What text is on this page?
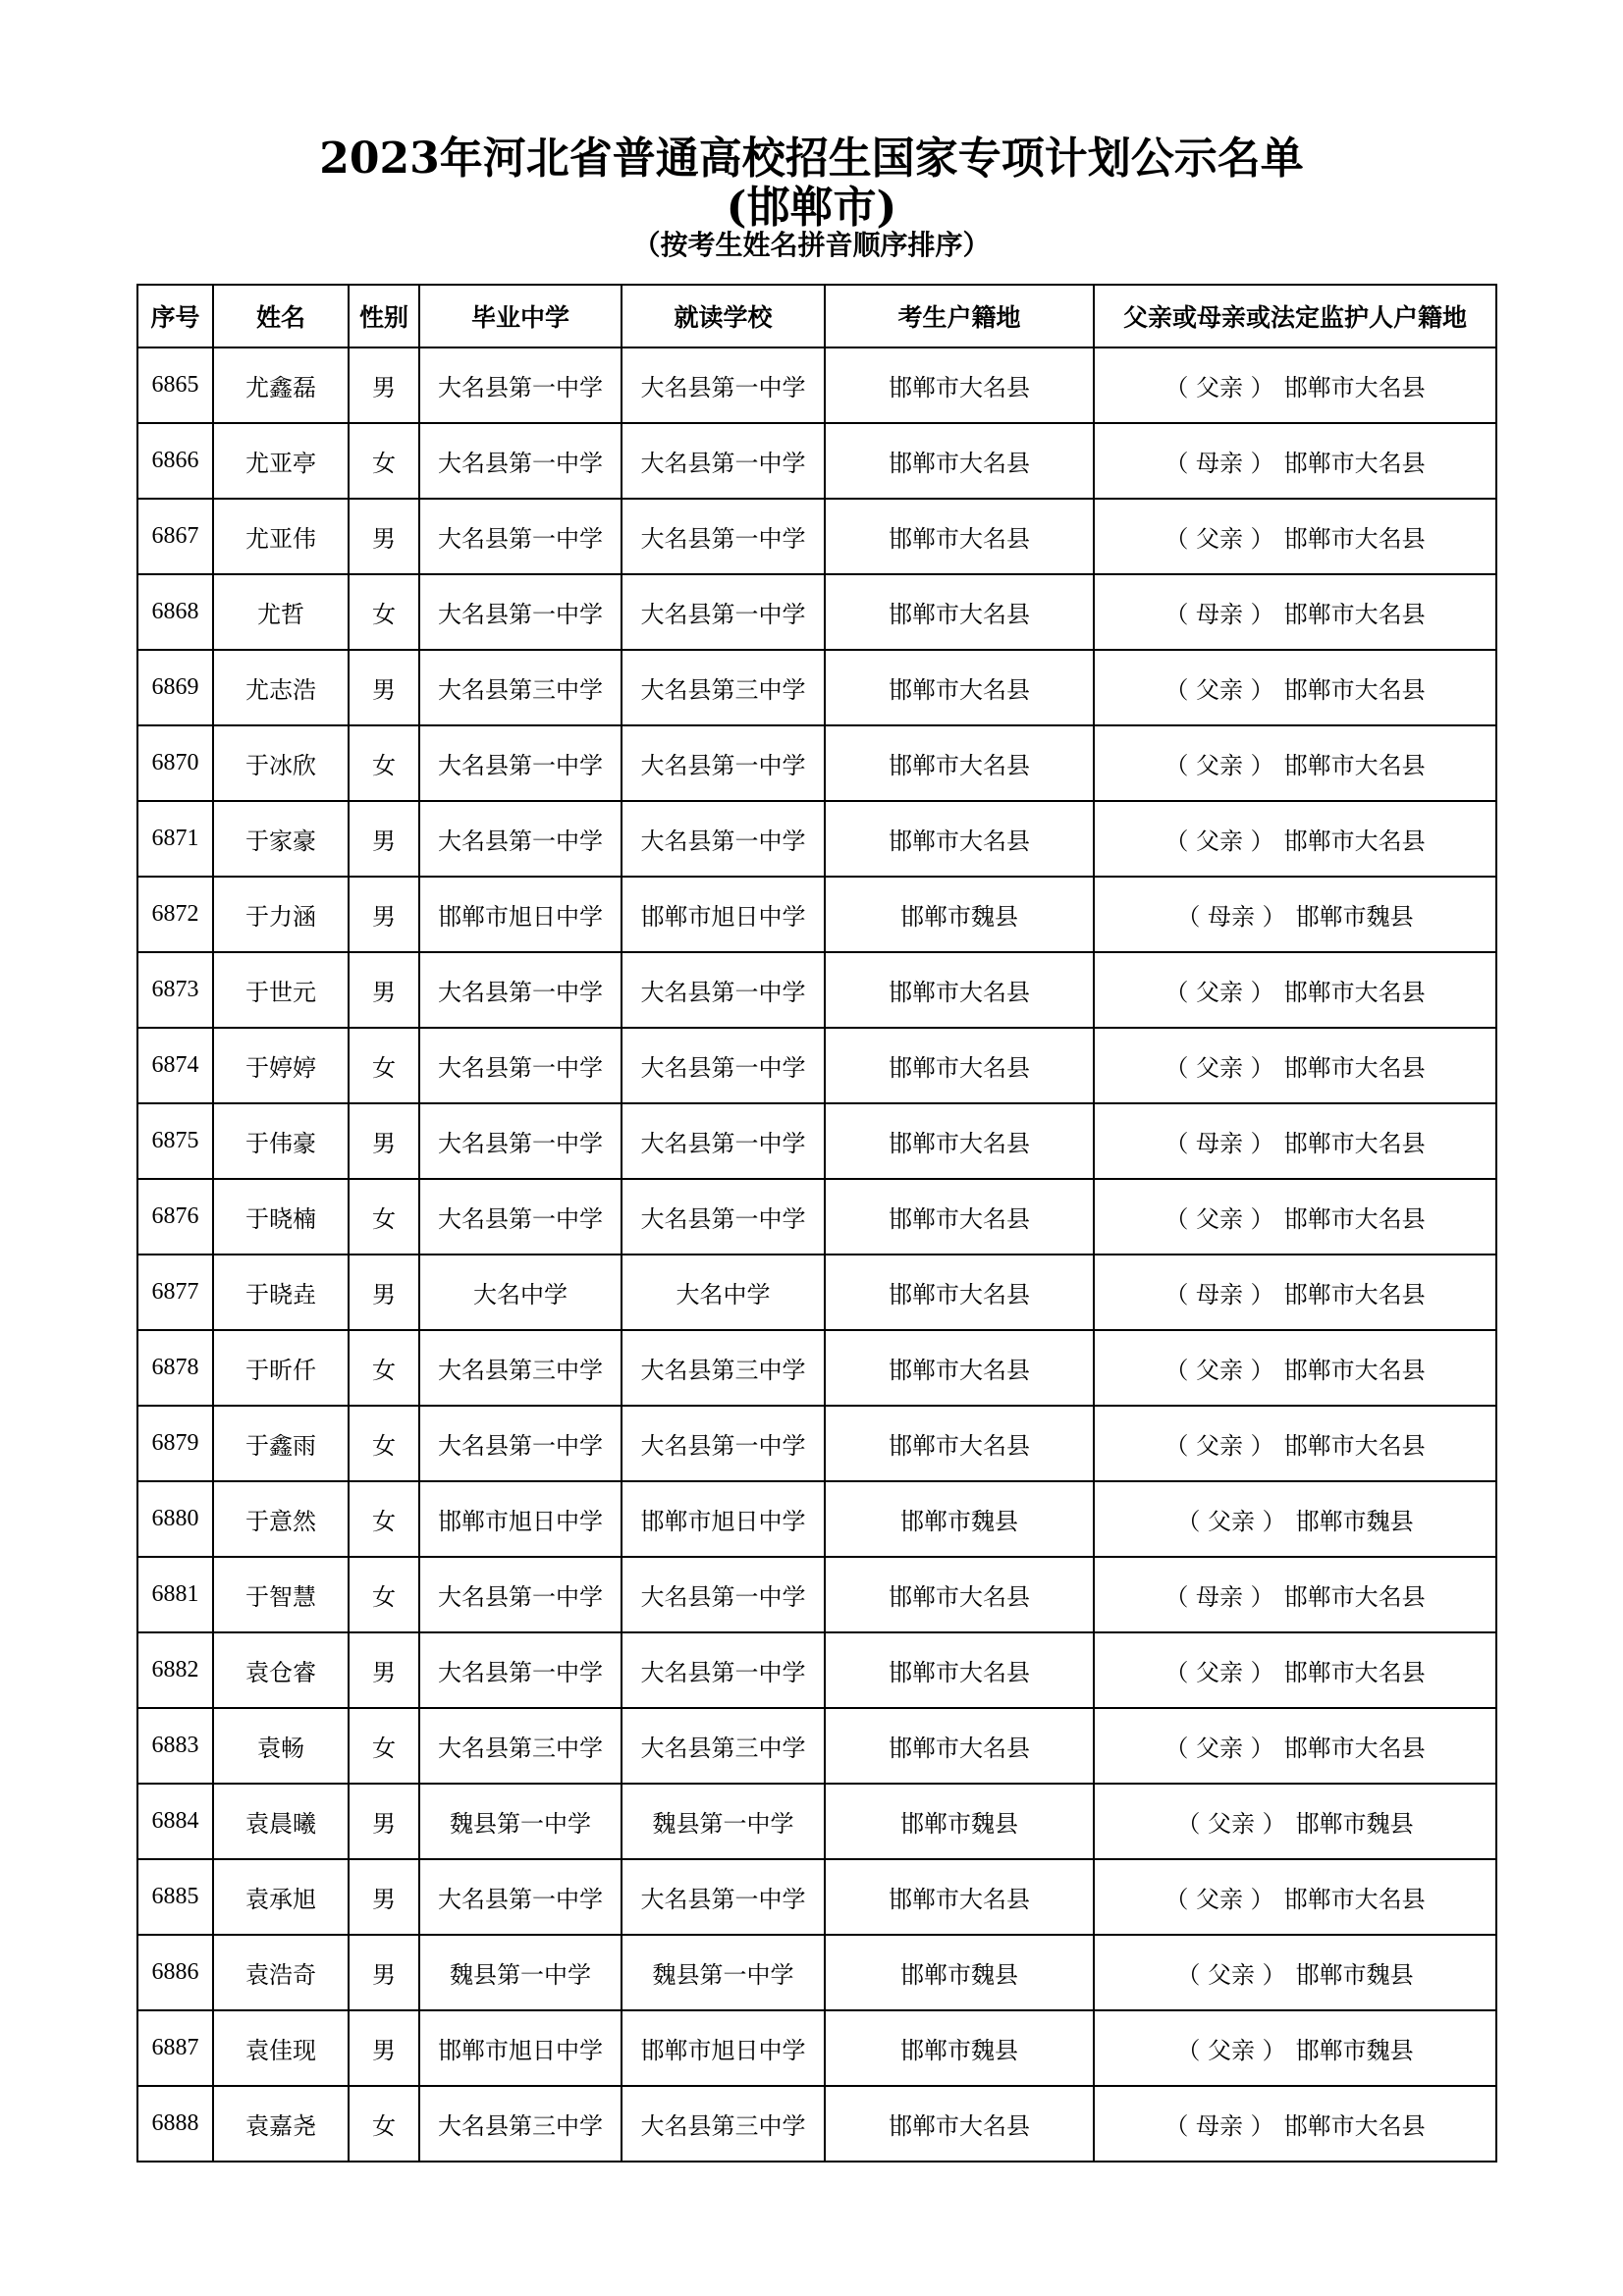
2023年河北省普通高校招生国家专项计划公示名单
(邯郸市)
（按考生姓名拼音顺序排序）
序号	姓名	性别	毕业中学	就读学校	考生户籍地	父亲或母亲或法定监护人户籍地
6865	尤鑫磊	男	大名县第一中学	大名县第一中学	邯郸市大名县	（ 父亲 ） 邯郸市大名县
6866	尤亚亭	女	大名县第一中学	大名县第一中学	邯郸市大名县	（ 母亲 ） 邯郸市大名县
6867	尤亚伟	男	大名县第一中学	大名县第一中学	邯郸市大名县	（ 父亲 ） 邯郸市大名县
6868	尤哲	女	大名县第一中学	大名县第一中学	邯郸市大名县	（ 母亲 ） 邯郸市大名县
6869	尤志浩	男	大名县第三中学	大名县第三中学	邯郸市大名县	（ 父亲 ） 邯郸市大名县
6870	于冰欣	女	大名县第一中学	大名县第一中学	邯郸市大名县	（ 父亲 ） 邯郸市大名县
6871	于家豪	男	大名县第一中学	大名县第一中学	邯郸市大名县	（ 父亲 ） 邯郸市大名县
6872	于力涵	男	邯郸市旭日中学	邯郸市旭日中学	邯郸市魏县	（ 母亲 ） 邯郸市魏县
6873	于世元	男	大名县第一中学	大名县第一中学	邯郸市大名县	（ 父亲 ） 邯郸市大名县
6874	于婷婷	女	大名县第一中学	大名县第一中学	邯郸市大名县	（ 父亲 ） 邯郸市大名县
6875	于伟豪	男	大名县第一中学	大名县第一中学	邯郸市大名县	（ 母亲 ） 邯郸市大名县
6876	于晓楠	女	大名县第一中学	大名县第一中学	邯郸市大名县	（ 父亲 ） 邯郸市大名县
6877	于晓垚	男	大名中学	大名中学	邯郸市大名县	（ 母亲 ） 邯郸市大名县
6878	于昕仟	女	大名县第三中学	大名县第三中学	邯郸市大名县	（ 父亲 ） 邯郸市大名县
6879	于鑫雨	女	大名县第一中学	大名县第一中学	邯郸市大名县	（ 父亲 ） 邯郸市大名县
6880	于意然	女	邯郸市旭日中学	邯郸市旭日中学	邯郸市魏县	（ 父亲 ） 邯郸市魏县
6881	于智慧	女	大名县第一中学	大名县第一中学	邯郸市大名县	（ 母亲 ） 邯郸市大名县
6882	袁仓睿	男	大名县第一中学	大名县第一中学	邯郸市大名县	（ 父亲 ） 邯郸市大名县
6883	袁畅	女	大名县第三中学	大名县第三中学	邯郸市大名县	（ 父亲 ） 邯郸市大名县
6884	袁晨曦	男	魏县第一中学	魏县第一中学	邯郸市魏县	（ 父亲 ） 邯郸市魏县
6885	袁承旭	男	大名县第一中学	大名县第一中学	邯郸市大名县	（ 父亲 ） 邯郸市大名县
6886	袁浩奇	男	魏县第一中学	魏县第一中学	邯郸市魏县	（ 父亲 ） 邯郸市魏县
6887	袁佳现	男	邯郸市旭日中学	邯郸市旭日中学	邯郸市魏县	（ 父亲 ） 邯郸市魏县
6888	袁嘉尧	女	大名县第三中学	大名县第三中学	邯郸市大名县	（ 母亲 ） 邯郸市大名县
